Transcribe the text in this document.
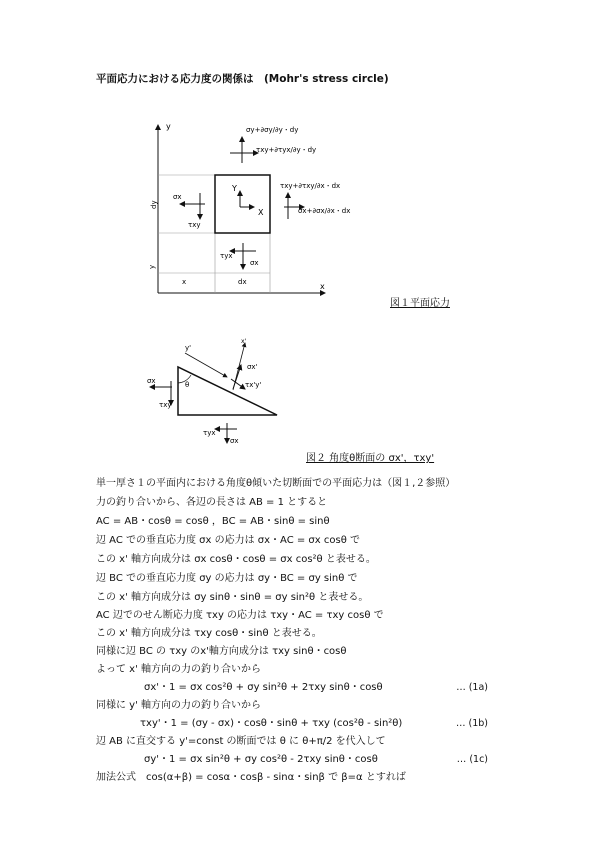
平面応力における応力度の関係は　(Mohr's stress circle)
y
x
Y
X
σy+∂σy/∂y・dy
τxy+∂τyx/∂y・dy
τxy+∂τxy/∂x・dx
σx+∂σx/∂x・dx
σx
τxy
τyx
σx
dy
y
x	dx
図１平面応力
θ
y'
x'
σx'
τx'y'
σx
τxy
τyx
σx
図２ 角度θ断面の σx'，τxy'
単一厚さ１の平面内における角度θ傾いた切断面での平面応力は（図１,２参照）
力の釣り合いから、各辺の長さは AB = 1 とすると
AC = AB・cosθ = cosθ ，BC = AB・sinθ = sinθ
辺 AC での垂直応力度 σx の応力は σx・AC = σx cosθ で
この x' 軸方向成分は σx cosθ・cosθ = σx cos²θ と表せる。
辺 BC での垂直応力度 σy の応力は σy・BC = σy sinθ で
この x' 軸方向成分は σy sinθ・sinθ = σy sin²θ と表せる。
AC 辺でのせん断応力度 τxy の応力は τxy・AC = τxy cosθ で
この x' 軸方向成分は τxy cosθ・sinθ と表せる。
同様に辺 BC の τxy のx'軸方向成分は τxy sinθ・cosθ
よって x' 軸方向の力の釣り合いから
σx'・1 = σx cos²θ + σy sin²θ + 2τxy sinθ・cosθ	… (1a)
同様に y' 軸方向の力の釣り合いから
τxy'・1 = (σy - σx)・cosθ・sinθ + τxy (cos²θ - sin²θ)	… (1b)
辺 AB に直交する y'=const の断面では θ に θ+π/2 を代入して
σy'・1 = σx sin²θ + σy cos²θ - 2τxy sinθ・cosθ	… (1c)
加法公式　cos(α+β) = cosα・cosβ - sinα・sinβ で β=α とすれば
